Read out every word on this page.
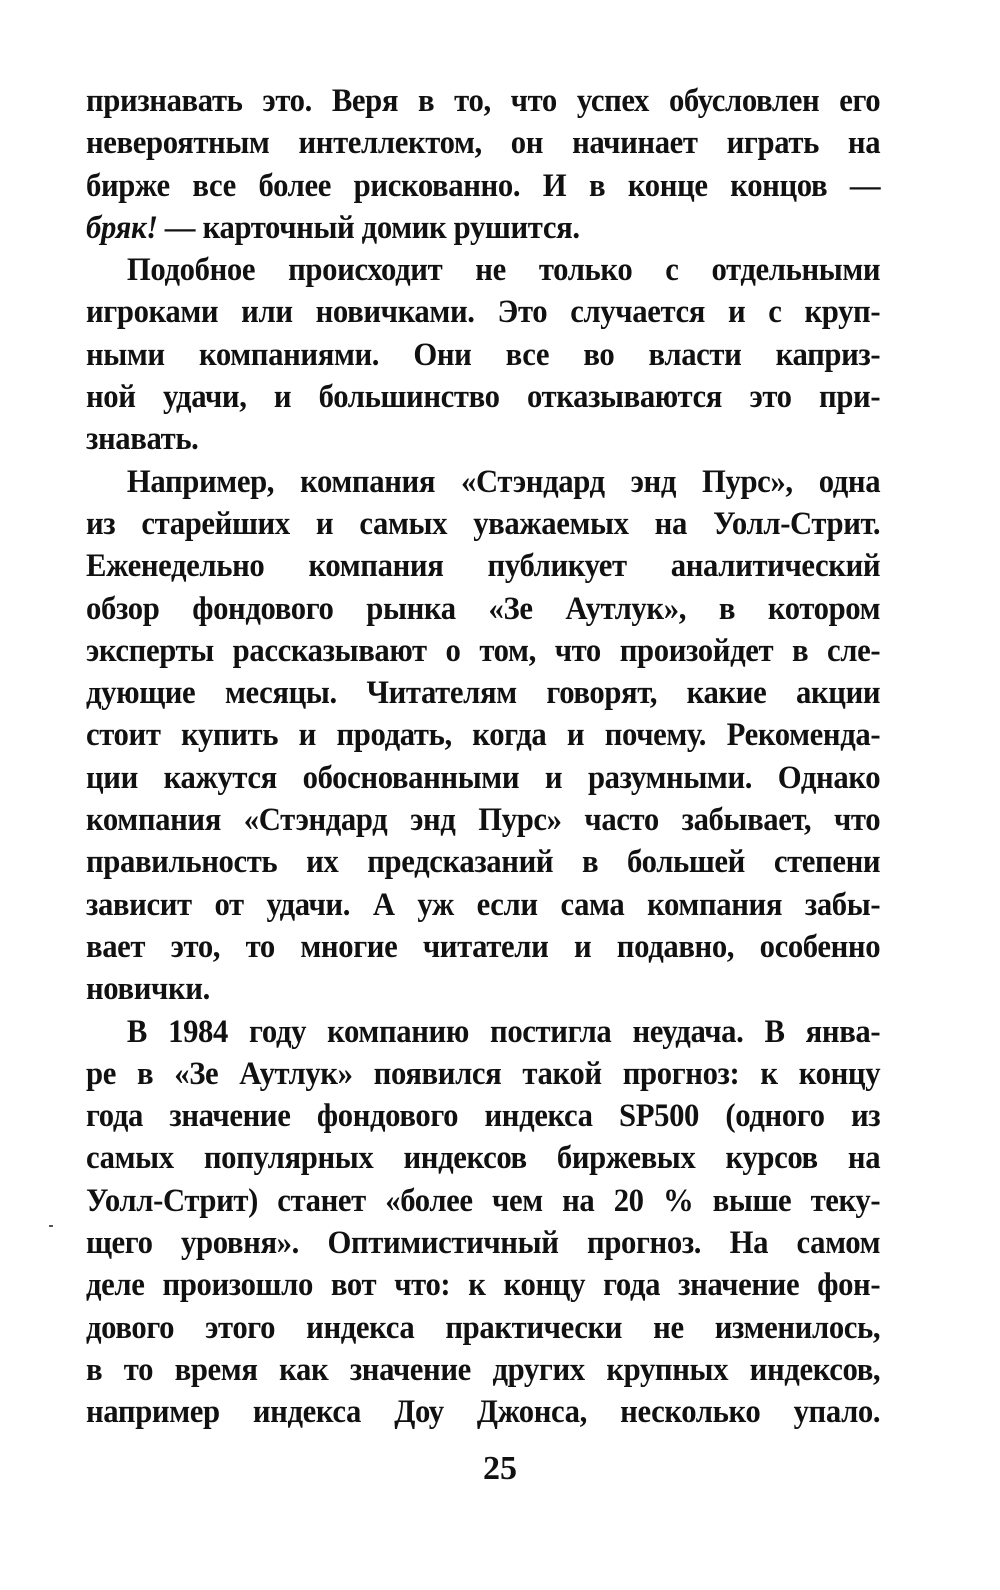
признавать это. Веря в то, что успех обусловлен его
невероятным интеллектом, он начинает играть на
бирже все более рискованно. И в конце концов —
бряк! — карточный домик рушится.
Подобное происходит не только с отдельными
игроками или новичками. Это случается и с круп-
ными компаниями. Они все во власти каприз-
ной удачи, и большинство отказываются это при-
знавать.
Например, компания «Стэндард энд Пурс», одна
из старейших и самых уважаемых на Уолл-Стрит.
Еженедельно компания публикует аналитический
обзор фондового рынка «Зе Аутлук», в котором
эксперты рассказывают о том, что произойдет в сле-
дующие месяцы. Читателям говорят, какие акции
стоит купить и продать, когда и почему. Рекоменда-
ции кажутся обоснованными и разумными. Однако
компания «Стэндард энд Пурс» часто забывает, что
правильность их предсказаний в большей степени
зависит от удачи. А уж если сама компания забы-
вает это, то многие читатели и подавно, особенно
новички.
В 1984 году компанию постигла неудача. В янва-
ре в «Зе Аутлук» появился такой прогноз: к концу
года значение фондового индекса SP500 (одного из
самых популярных индексов биржевых курсов на
Уолл-Стрит) станет «более чем на 20 % выше теку-
щего уровня». Оптимистичный прогноз. На самом
деле произошло вот что: к концу года значение фон-
дового этого индекса практически не изменилось,
в то время как значение других крупных индексов,
например индекса Доу Джонса, несколько упало.
25
